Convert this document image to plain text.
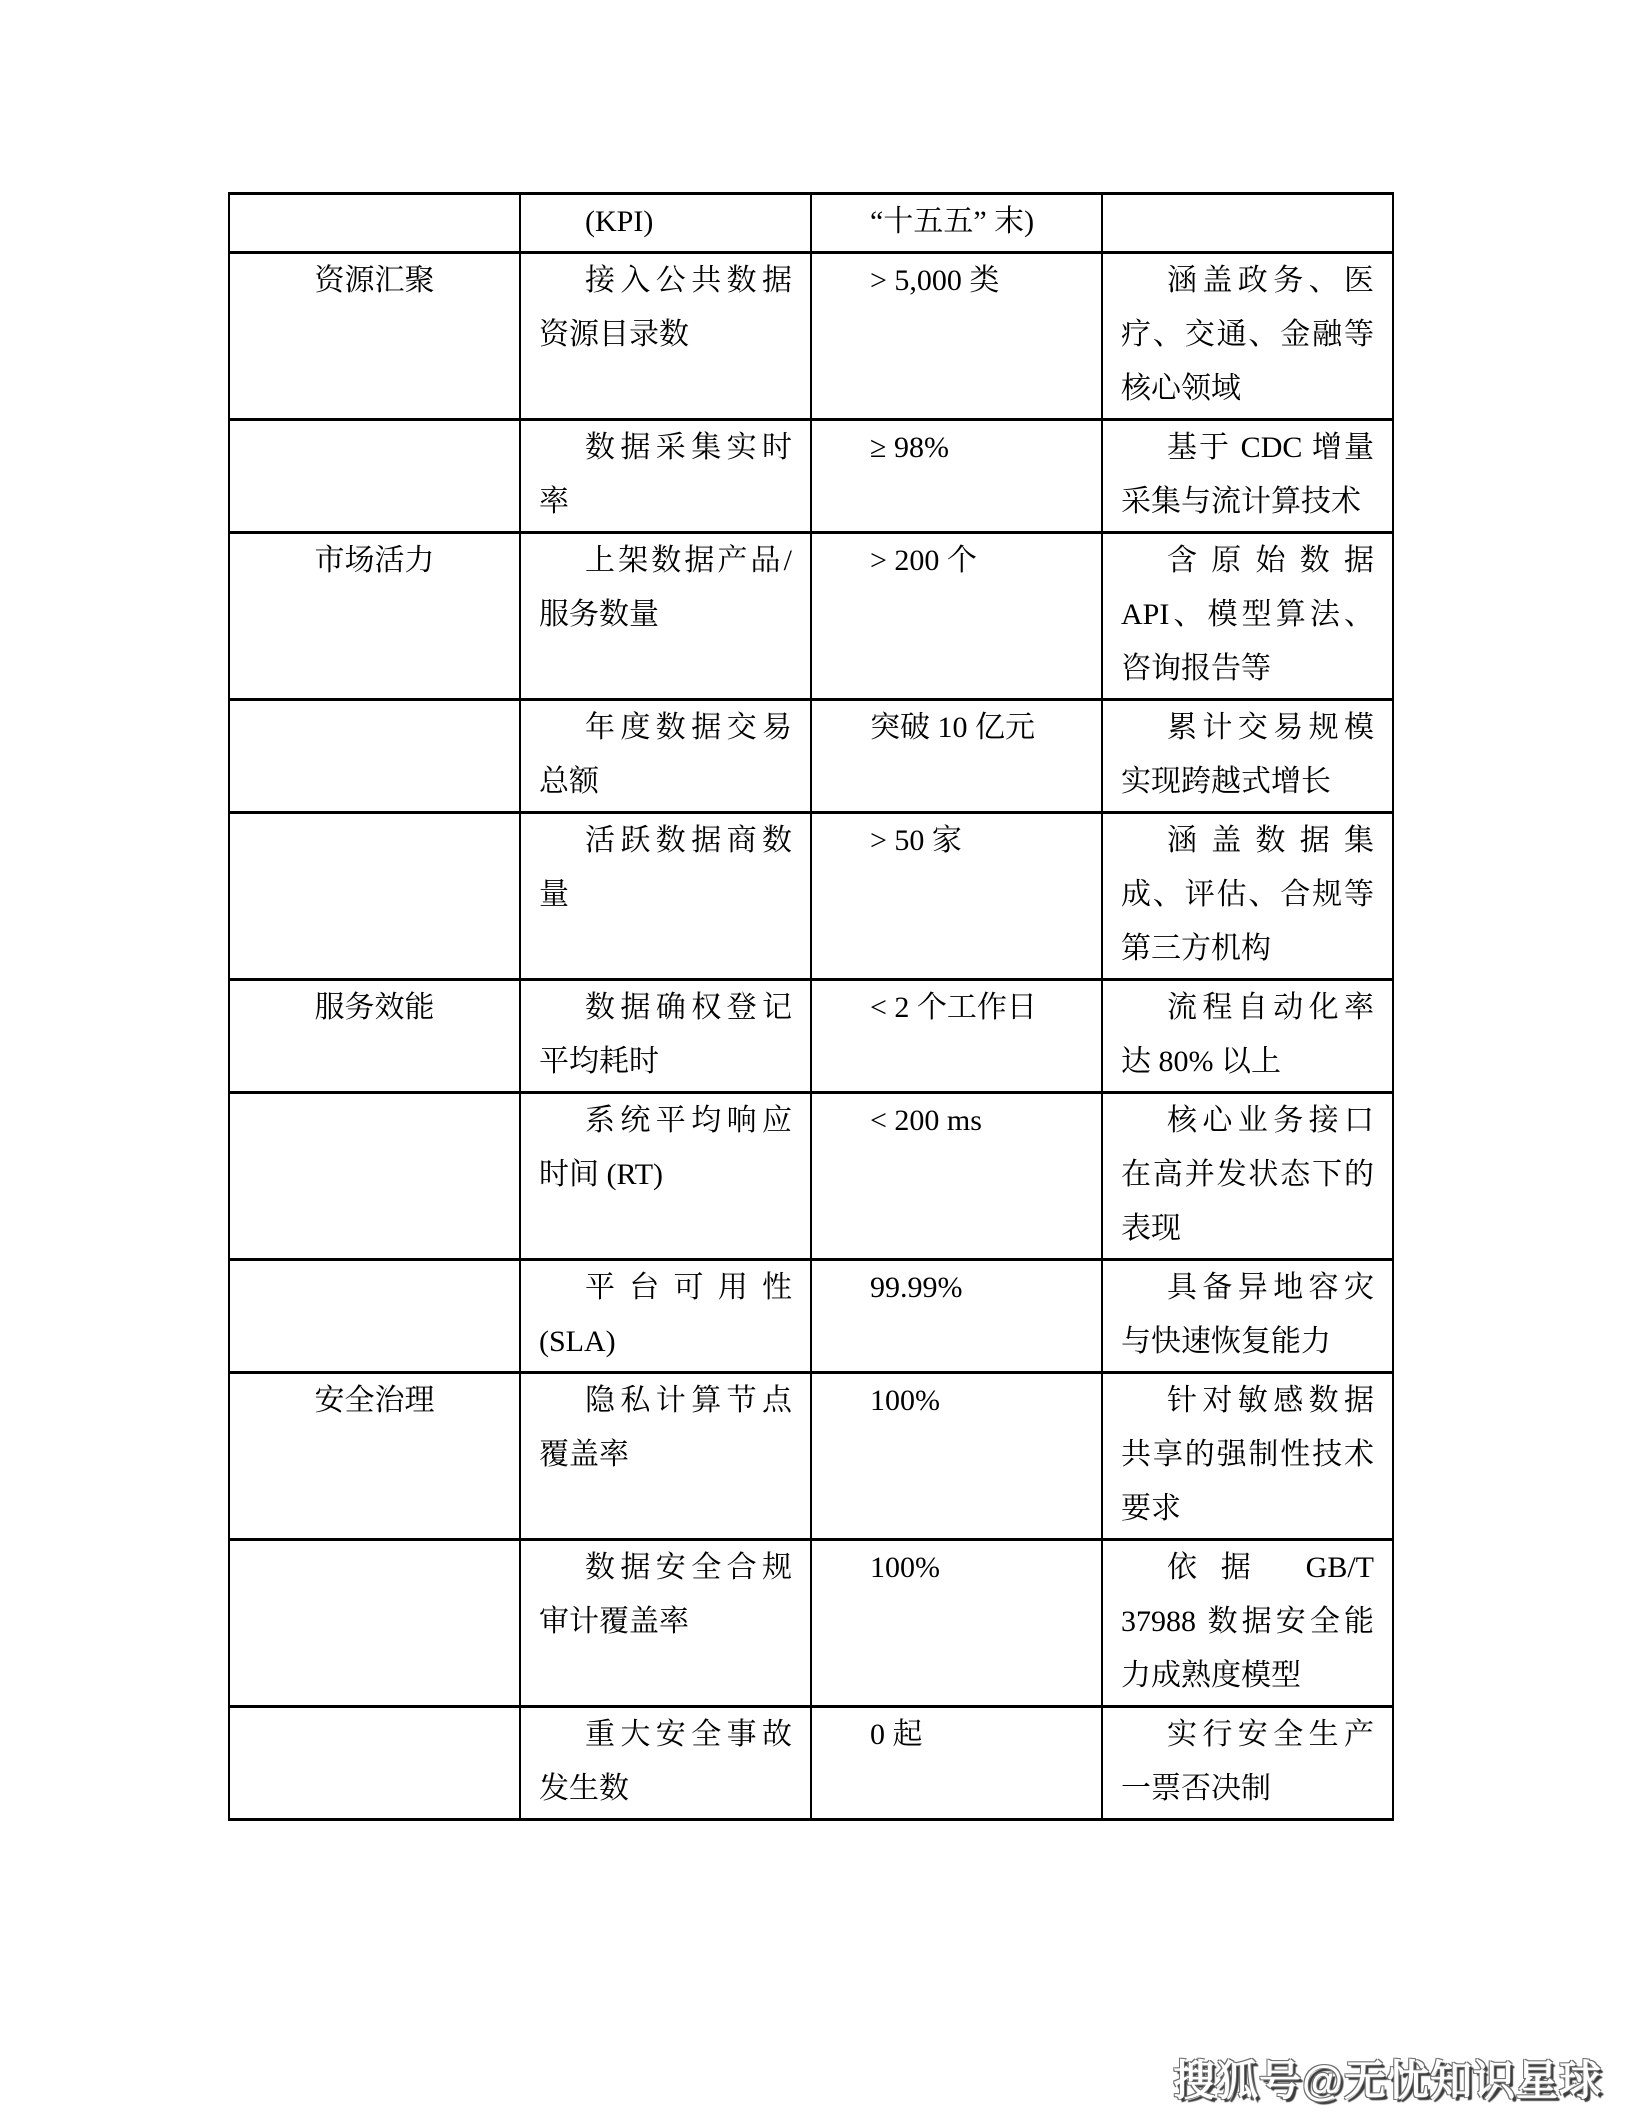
	(KPI)	“十五五” 末)	

资源汇聚	接入公共数据资源目录数	> 5,000 类	涵盖政务、医疗、交通、金融等核心领域

	数据采集实时率	≥ 98%	基于 CDC 增量采集与流计算技术

市场活力	上架数据产品/服务数量	> 200 个	含原始数据 API、模型算法、咨询报告等

	年度数据交易总额	突破 10 亿元	累计交易规模实现跨越式增长

	活跃数据商数量	> 50 家	涵盖数据集成、评估、合规等第三方机构

服务效能	数据确权登记平均耗时	< 2 个工作日	流程自动化率达 80% 以上

	系统平均响应时间 (RT)	< 200 ms	核心业务接口在高并发状态下的表现

	平台可用性(SLA)	99.99%	具备异地容灾与快速恢复能力

安全治理	隐私计算节点覆盖率	100%	针对敏感数据共享的强制性技术要求

	数据安全合规审计覆盖率	100%	依据 GB/T 37988 数据安全能力成熟度模型

	重大安全事故发生数	0 起	实行安全生产一票否决制

搜狐号@无忧知识星球
